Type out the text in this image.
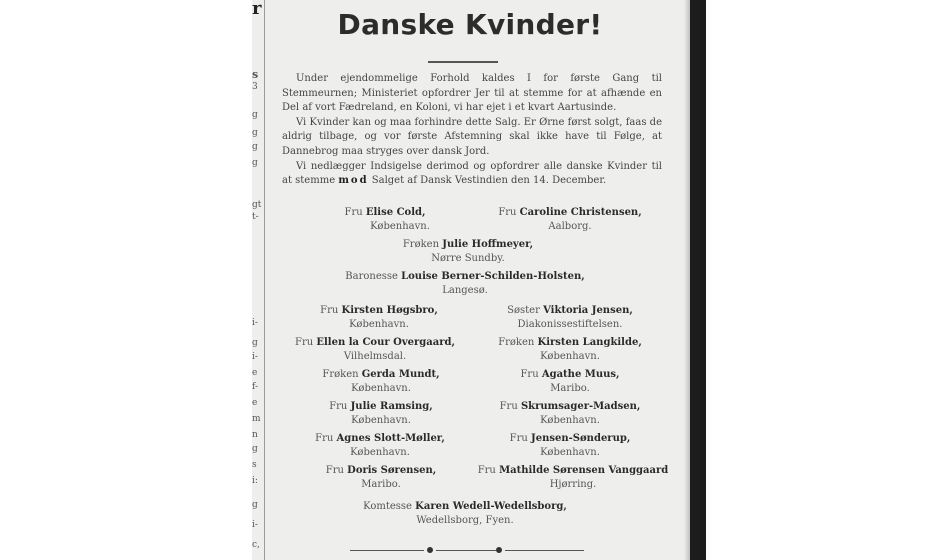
r
s
3
g
g
g
g
gt
t-
i-
g
i-
e
f-
e
m
n
g
s
i:
g
i-
c,
Danske Kvinder!

Under ejendommelige Forhold kaldes I for første Gang til Stemmeurnen; Ministeriet opfordrer Jer til at stemme for at afhænde en Del af vort Fædreland, en Koloni, vi har ejet i et kvart Aartusinde.

Vi Kvinder kan og maa forhindre dette Salg. Er Ørne først solgt, faas de aldrig tilbage, og vor første Afstemning skal ikke have til Følge, at Dannebrog maa stryges over dansk Jord.

Vi nedlægger Indsigelse derimod og opfordrer alle danske Kvinder til at stemme mod Salget af Dansk Vestindien den 14. December.

Fru Elise Cold,
København.
Fru Caroline Christensen,
Aalborg.
Frøken Julie Hoffmeyer,
Nørre Sundby.
Baronesse Louise Berner-Schilden-Holsten,
Langesø.
Fru Kirsten Høgsbro,
København.
Søster Viktoria Jensen,
Diakonissestiftelsen.
Fru Ellen la Cour Overgaard,
Vilhelmsdal.
Frøken Kirsten Langkilde,
København.
Frøken Gerda Mundt,
København.
Fru Agathe Muus,
Maribo.
Fru Julie Ramsing,
København.
Fru Skrumsager-Madsen,
København.
Fru Agnes Slott-Møller,
København.
Fru Jensen-Sønderup,
København.
Fru Doris Sørensen,
Maribo.
Fru Mathilde Sørensen Vanggaard
Hjørring.
Komtesse Karen Wedell-Wedellsborg,
Wedellsborg, Fyen.
